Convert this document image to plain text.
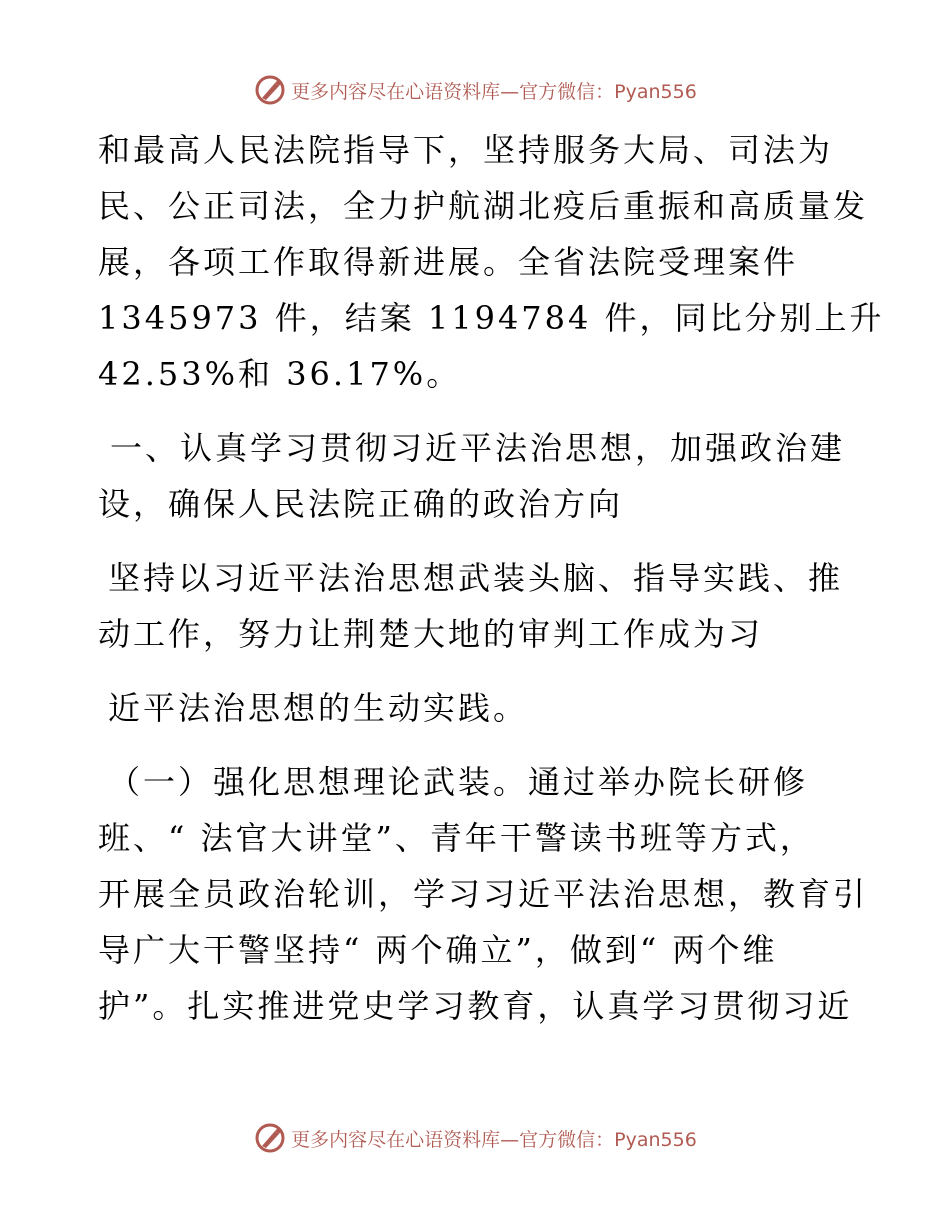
更多内容尽在心语资料库—官方微信：Pyan556
和最高人民法院指导下，坚持服务大局、司法为
民、公正司法，全力护航湖北疫后重振和高质量发
展，各项工作取得新进展。全省法院受理案件
1345973 件，结案 1194784 件，同比分别上升
42.53%和 36.17%。
一、认真学习贯彻习近平法治思想，加强政治建
设，确保人民法院正确的政治方向
坚持以习近平法治思想武装头脑、指导实践、推
动工作，努力让荆楚大地的审判工作成为习
近平法治思想的生动实践。
（一）强化思想理论武装。通过举办院长研修
班、“ 法官大讲堂”、青年干警读书班等方式，
开展全员政治轮训，学习习近平法治思想，教育引
导广大干警坚持“ 两个确立”，做到“ 两个维
护”。扎实推进党史学习教育，认真学习贯彻习近
更多内容尽在心语资料库—官方微信：Pyan556
